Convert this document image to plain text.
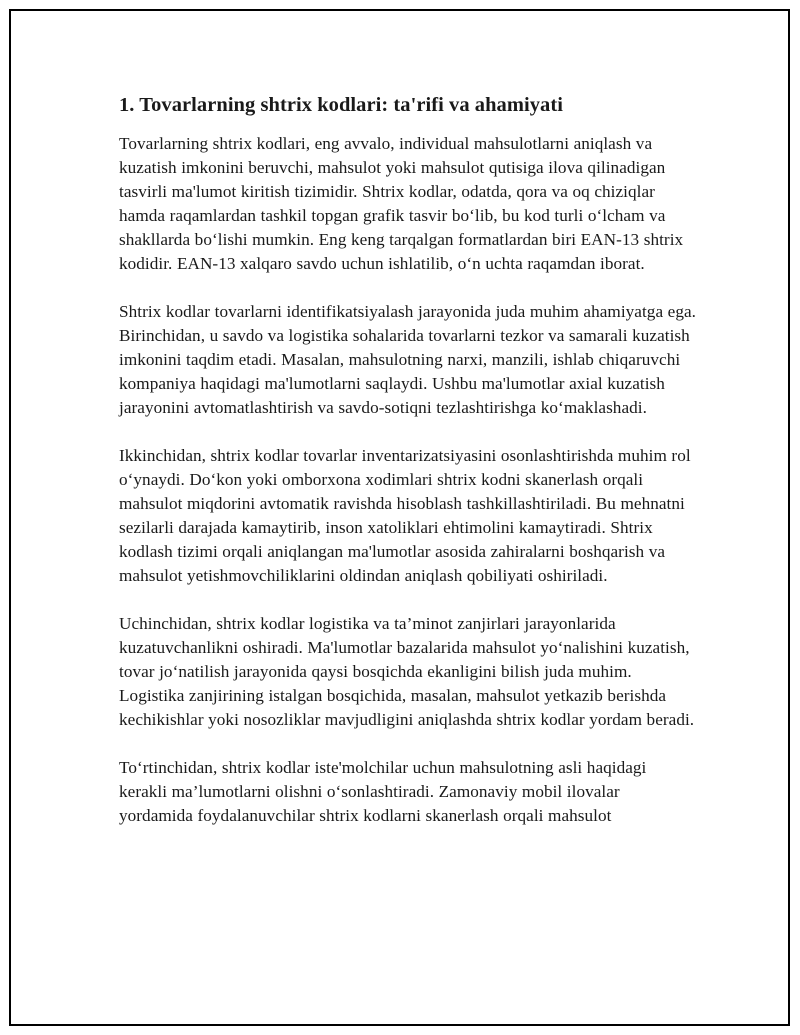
1. Tovarlarning shtrix kodlari: ta'rifi va ahamiyati

Tovarlarning shtrix kodlari, eng avvalo, individual mahsulotlarni aniqlash va kuzatish imkonini beruvchi, mahsulot yoki mahsulot qutisiga ilova qilinadigan tasvirli ma'lumot kiritish tizimidir. Shtrix kodlar, odatda, qora va oq chiziqlar hamda raqamlardan tashkil topgan grafik tasvir bo‘lib, bu kod turli o‘lcham va shakllarda bo‘lishi mumkin. Eng keng tarqalgan formatlardan biri EAN-13 shtrix kodidir. EAN-13 xalqaro savdo uchun ishlatilib, o‘n uchta raqamdan iborat.

Shtrix kodlar tovarlarni identifikatsiyalash jarayonida juda muhim ahamiyatga ega. Birinchidan, u savdo va logistika sohalarida tovarlarni tezkor va samarali kuzatish imkonini taqdim etadi. Masalan, mahsulotning narxi, manzili, ishlab chiqaruvchi kompaniya haqidagi ma'lumotlarni saqlaydi. Ushbu ma'lumotlar axial kuzatish jarayonini avtomatlashtirish va savdo-sotiqni tezlashtirishga ko‘maklashadi.

Ikkinchidan, shtrix kodlar tovarlar inventarizatsiyasini osonlashtirishda muhim rol o‘ynaydi. Do‘kon yoki omborxona xodimlari shtrix kodni skanerlash orqali mahsulot miqdorini avtomatik ravishda hisoblash tashkillashtiriladi. Bu mehnatni sezilarli darajada kamaytirib, inson xatoliklari ehtimolini kamaytiradi. Shtrix kodlash tizimi orqali aniqlangan ma'lumotlar asosida zahiralarni boshqarish va mahsulot yetishmovchiliklarini oldindan aniqlash qobiliyati oshiriladi.

Uchinchidan, shtrix kodlar logistika va ta’minot zanjirlari jarayonlarida kuzatuvchanlikni oshiradi. Ma'lumotlar bazalarida mahsulot yo‘nalishini kuzatish, tovar jo‘natilish jarayonida qaysi bosqichda ekanligini bilish juda muhim. Logistika zanjirining istalgan bosqichida, masalan, mahsulot yetkazib berishda kechikishlar yoki nosozliklar mavjudligini aniqlashda shtrix kodlar yordam beradi.

To‘rtinchidan, shtrix kodlar iste'molchilar uchun mahsulotning asli haqidagi kerakli ma’lumotlarni olishni o‘sonlashtiradi. Zamonaviy mobil ilovalar yordamida foydalanuvchilar shtrix kodlarni skanerlash orqali mahsulot
